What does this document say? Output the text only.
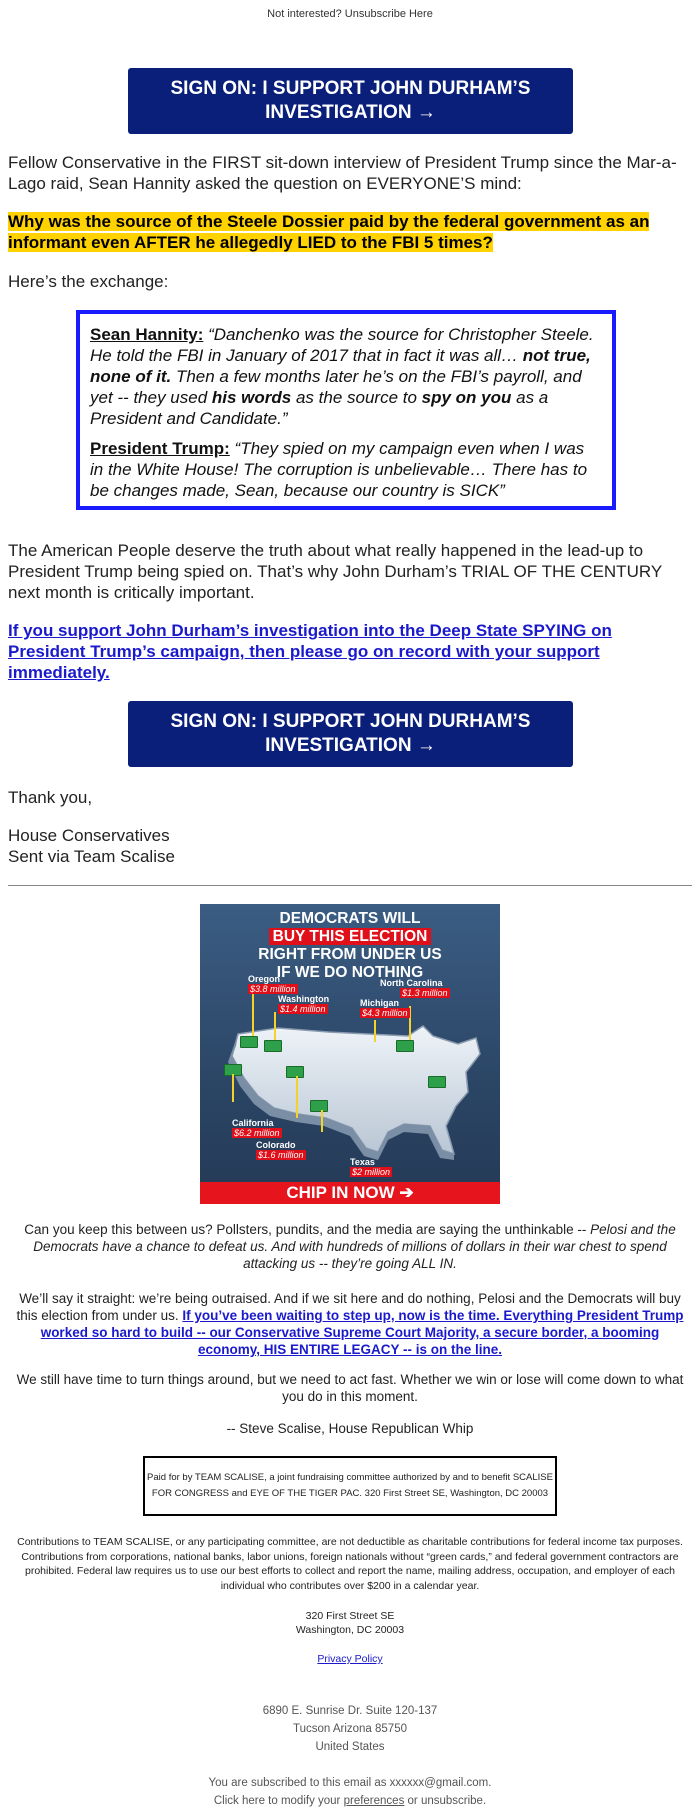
Not interested? Unsubscribe Here
SIGN ON: I SUPPORT JOHN DURHAM’S
INVESTIGATION →
Fellow Conservative in the FIRST sit-down interview of President Trump since the Mar-a-Lago raid, Sean Hannity asked the question on EVERYONE’S mind:
Why was the source of the Steele Dossier paid by the federal government as an informant even AFTER he allegedly LIED to the FBI 5 times?
Here’s the exchange:

Sean Hannity: “Danchenko was the source for Christopher Steele. He told the FBI in January of 2017 that in fact it was all… not true, none of it. Then a few months later he’s on the FBI’s payroll, and yet -- they used his words as the source to spy on you as a President and Candidate.”

President Trump: “They spied on my campaign even when I was in the White House! The corruption is unbelievable… There has to be changes made, Sean, because our country is SICK”

The American People deserve the truth about what really happened in the lead-up to President Trump being spied on. That’s why John Durham’s TRIAL OF THE CENTURY next month is critically important.
If you support John Durham’s investigation into the Deep State SPYING on President Trump’s campaign, then please go on record with your support immediately.
SIGN ON: I SUPPORT JOHN DURHAM’S
INVESTIGATION →
Thank you,
House Conservatives
Sent via Team Scalise
DEMOCRATS WILL
BUY THIS ELECTION
RIGHT FROM UNDER US
IF WE DO NOTHING
Oregon
$3.8 million
Washington
$1.4 million
North Carolina
$1.3 million
Michigan
$4.3 million
California
$6.2 million
Colorado
$1.6 million
Texas
$2 million
CHIP IN NOW ➔
Can you keep this between us? Pollsters, pundits, and the media are saying the unthinkable -- Pelosi and the Democrats have a chance to defeat us. And with hundreds of millions of dollars in their war chest to spend attacking us -- they’re going ALL IN.
We’ll say it straight: we’re being outraised. And if we sit here and do nothing, Pelosi and the Democrats will buy this election from under us. If you’ve been waiting to step up, now is the time. Everything President Trump worked so hard to build -- our Conservative Supreme Court Majority, a secure border, a booming economy, HIS ENTIRE LEGACY -- is on the line.
We still have time to turn things around, but we need to act fast. Whether we win or lose will come down to what you do in this moment.
-- Steve Scalise, House Republican Whip
Paid for by TEAM SCALISE, a joint fundraising committee authorized by and to benefit SCALISE FOR CONGRESS and EYE OF THE TIGER PAC. 320 First Street SE, Washington, DC 20003
Contributions to TEAM SCALISE, or any participating committee, are not deductible as charitable contributions for federal income tax purposes. Contributions from corporations, national banks, labor unions, foreign nationals without “green cards,” and federal government contractors are prohibited. Federal law requires us to use our best efforts to collect and report the name, mailing address, occupation, and employer of each individual who contributes over $200 in a calendar year.
320 First Street SE
Washington, DC 20003
Privacy Policy
6890 E. Sunrise Dr. Suite 120-137
Tucson Arizona 85750
United States
You are subscribed to this email as xxxxxx@gmail.com.
Click here to modify your preferences or unsubscribe.
